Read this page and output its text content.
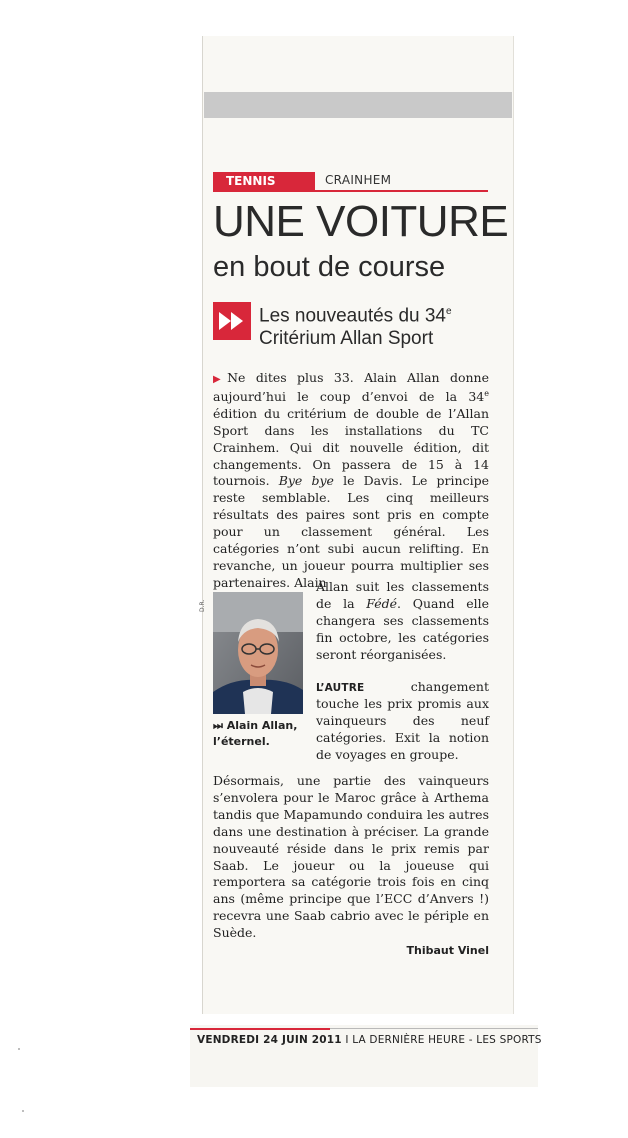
TENNIS	CRAINHEM
UNE VOITURE
en bout de course
Les nouveautés du 34e Critérium Allan Sport

▶Ne dites plus 33. Alain Allan donne aujourd’hui le coup d’envoi de la 34e édition du critérium de double de l’Allan Sport dans les installations du TC Crainhem. Qui dit nouvelle édition, dit changements. On passera de 15 à 14 tournois. Bye bye le Davis. Le principe reste semblable. Les cinq meilleurs résultats des paires sont pris en compte pour un classement général. Les catégories n’ont subi aucun relifting. En revanche, un joueur pourra multiplier ses partenaires. Alain

D.R.

Allan suit les classements de la Fédé. Quand elle changera ses classements fin octobre, les catégories seront réorganisées.

L’AUTRE changement touche les prix promis aux vainqueurs des neuf catégories. Exit la notion de voyages en groupe.

⏭ Alain Allan,
l’éternel.

Désormais, une partie des vainqueurs s’envolera pour le Maroc grâce à Arthema tandis que Mapamundo conduira les autres dans une destination à préciser. La grande nouveauté réside dans le prix remis par Saab. Le joueur ou la joueuse qui remportera sa catégorie trois fois en cinq ans (même principe que l’ECC d’Anvers !) recevra une Saab cabrio avec le périple en Suède.

Thibaut Vinel
VENDREDI 24 JUIN 2011 I LA DERNIÈRE HEURE - LES SPORTS
